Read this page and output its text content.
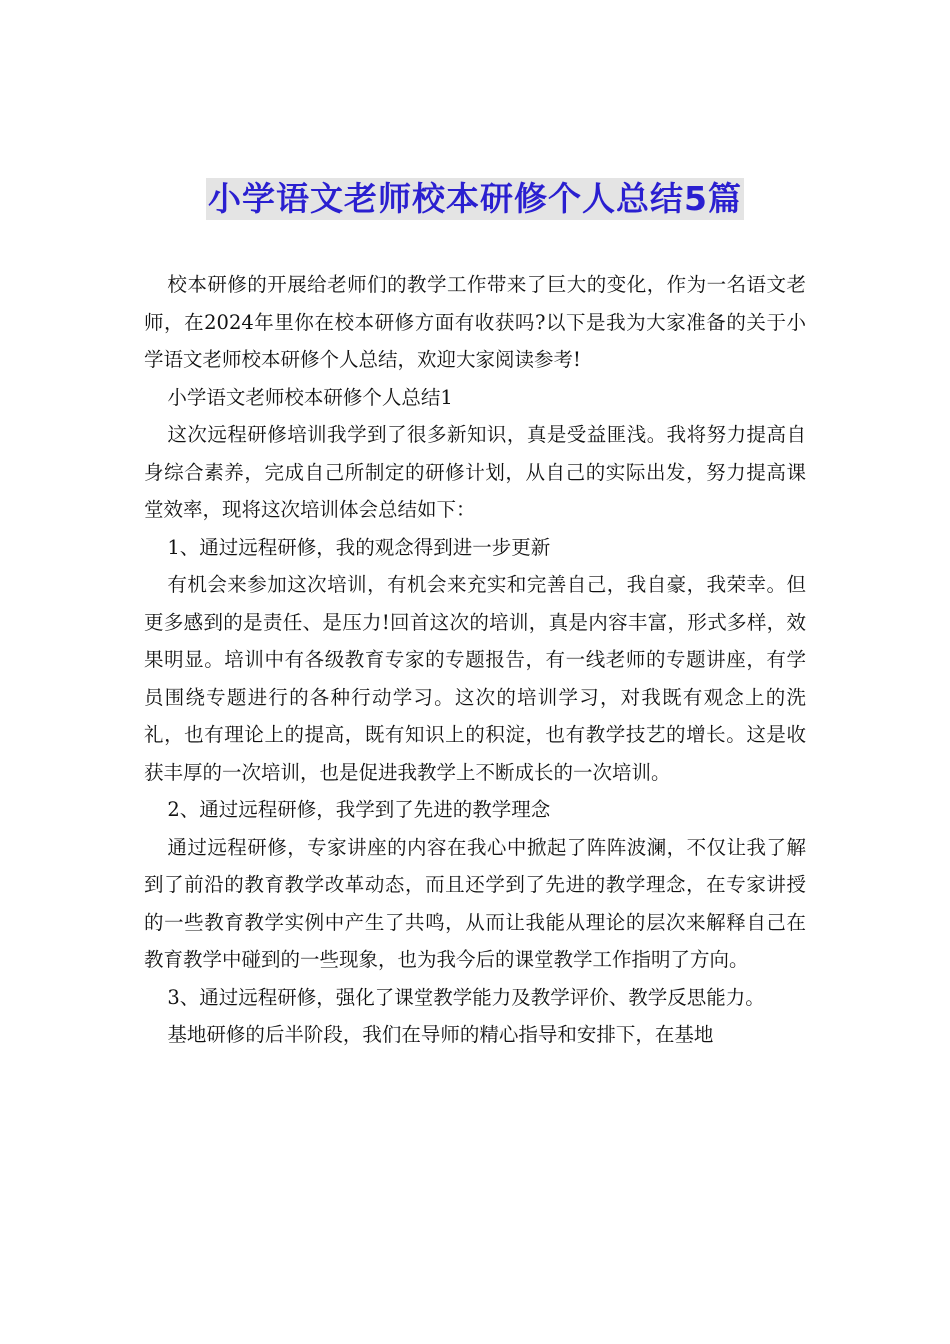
小学语文老师校本研修个人总结5篇

校本研修的开展给老师们的教学工作带来了巨大的变化，作为一名语文老师，在2024年里你在校本研修方面有收获吗?以下是我为大家准备的关于小学语文老师校本研修个人总结，欢迎大家阅读参考!

小学语文老师校本研修个人总结1

这次远程研修培训我学到了很多新知识，真是受益匪浅。我将努力提高自身综合素养，完成自己所制定的研修计划，从自己的实际出发，努力提高课堂效率，现将这次培训体会总结如下：

1、通过远程研修，我的观念得到进一步更新

有机会来参加这次培训，有机会来充实和完善自己，我自豪，我荣幸。但更多感到的是责任、是压力!回首这次的培训，真是内容丰富，形式多样，效果明显。培训中有各级教育专家的专题报告，有一线老师的专题讲座，有学员围绕专题进行的各种行动学习。这次的培训学习，对我既有观念上的洗礼，也有理论上的提高，既有知识上的积淀，也有教学技艺的增长。这是收获丰厚的一次培训，也是促进我教学上不断成长的一次培训。

2、通过远程研修，我学到了先进的教学理念

通过远程研修，专家讲座的内容在我心中掀起了阵阵波澜，不仅让我了解到了前沿的教育教学改革动态，而且还学到了先进的教学理念，在专家讲授的一些教育教学实例中产生了共鸣，从而让我能从理论的层次来解释自己在教育教学中碰到的一些现象，也为我今后的课堂教学工作指明了方向。

3、通过远程研修，强化了课堂教学能力及教学评价、教学反思能力。

基地研修的后半阶段，我们在导师的精心指导和安排下，在基地
